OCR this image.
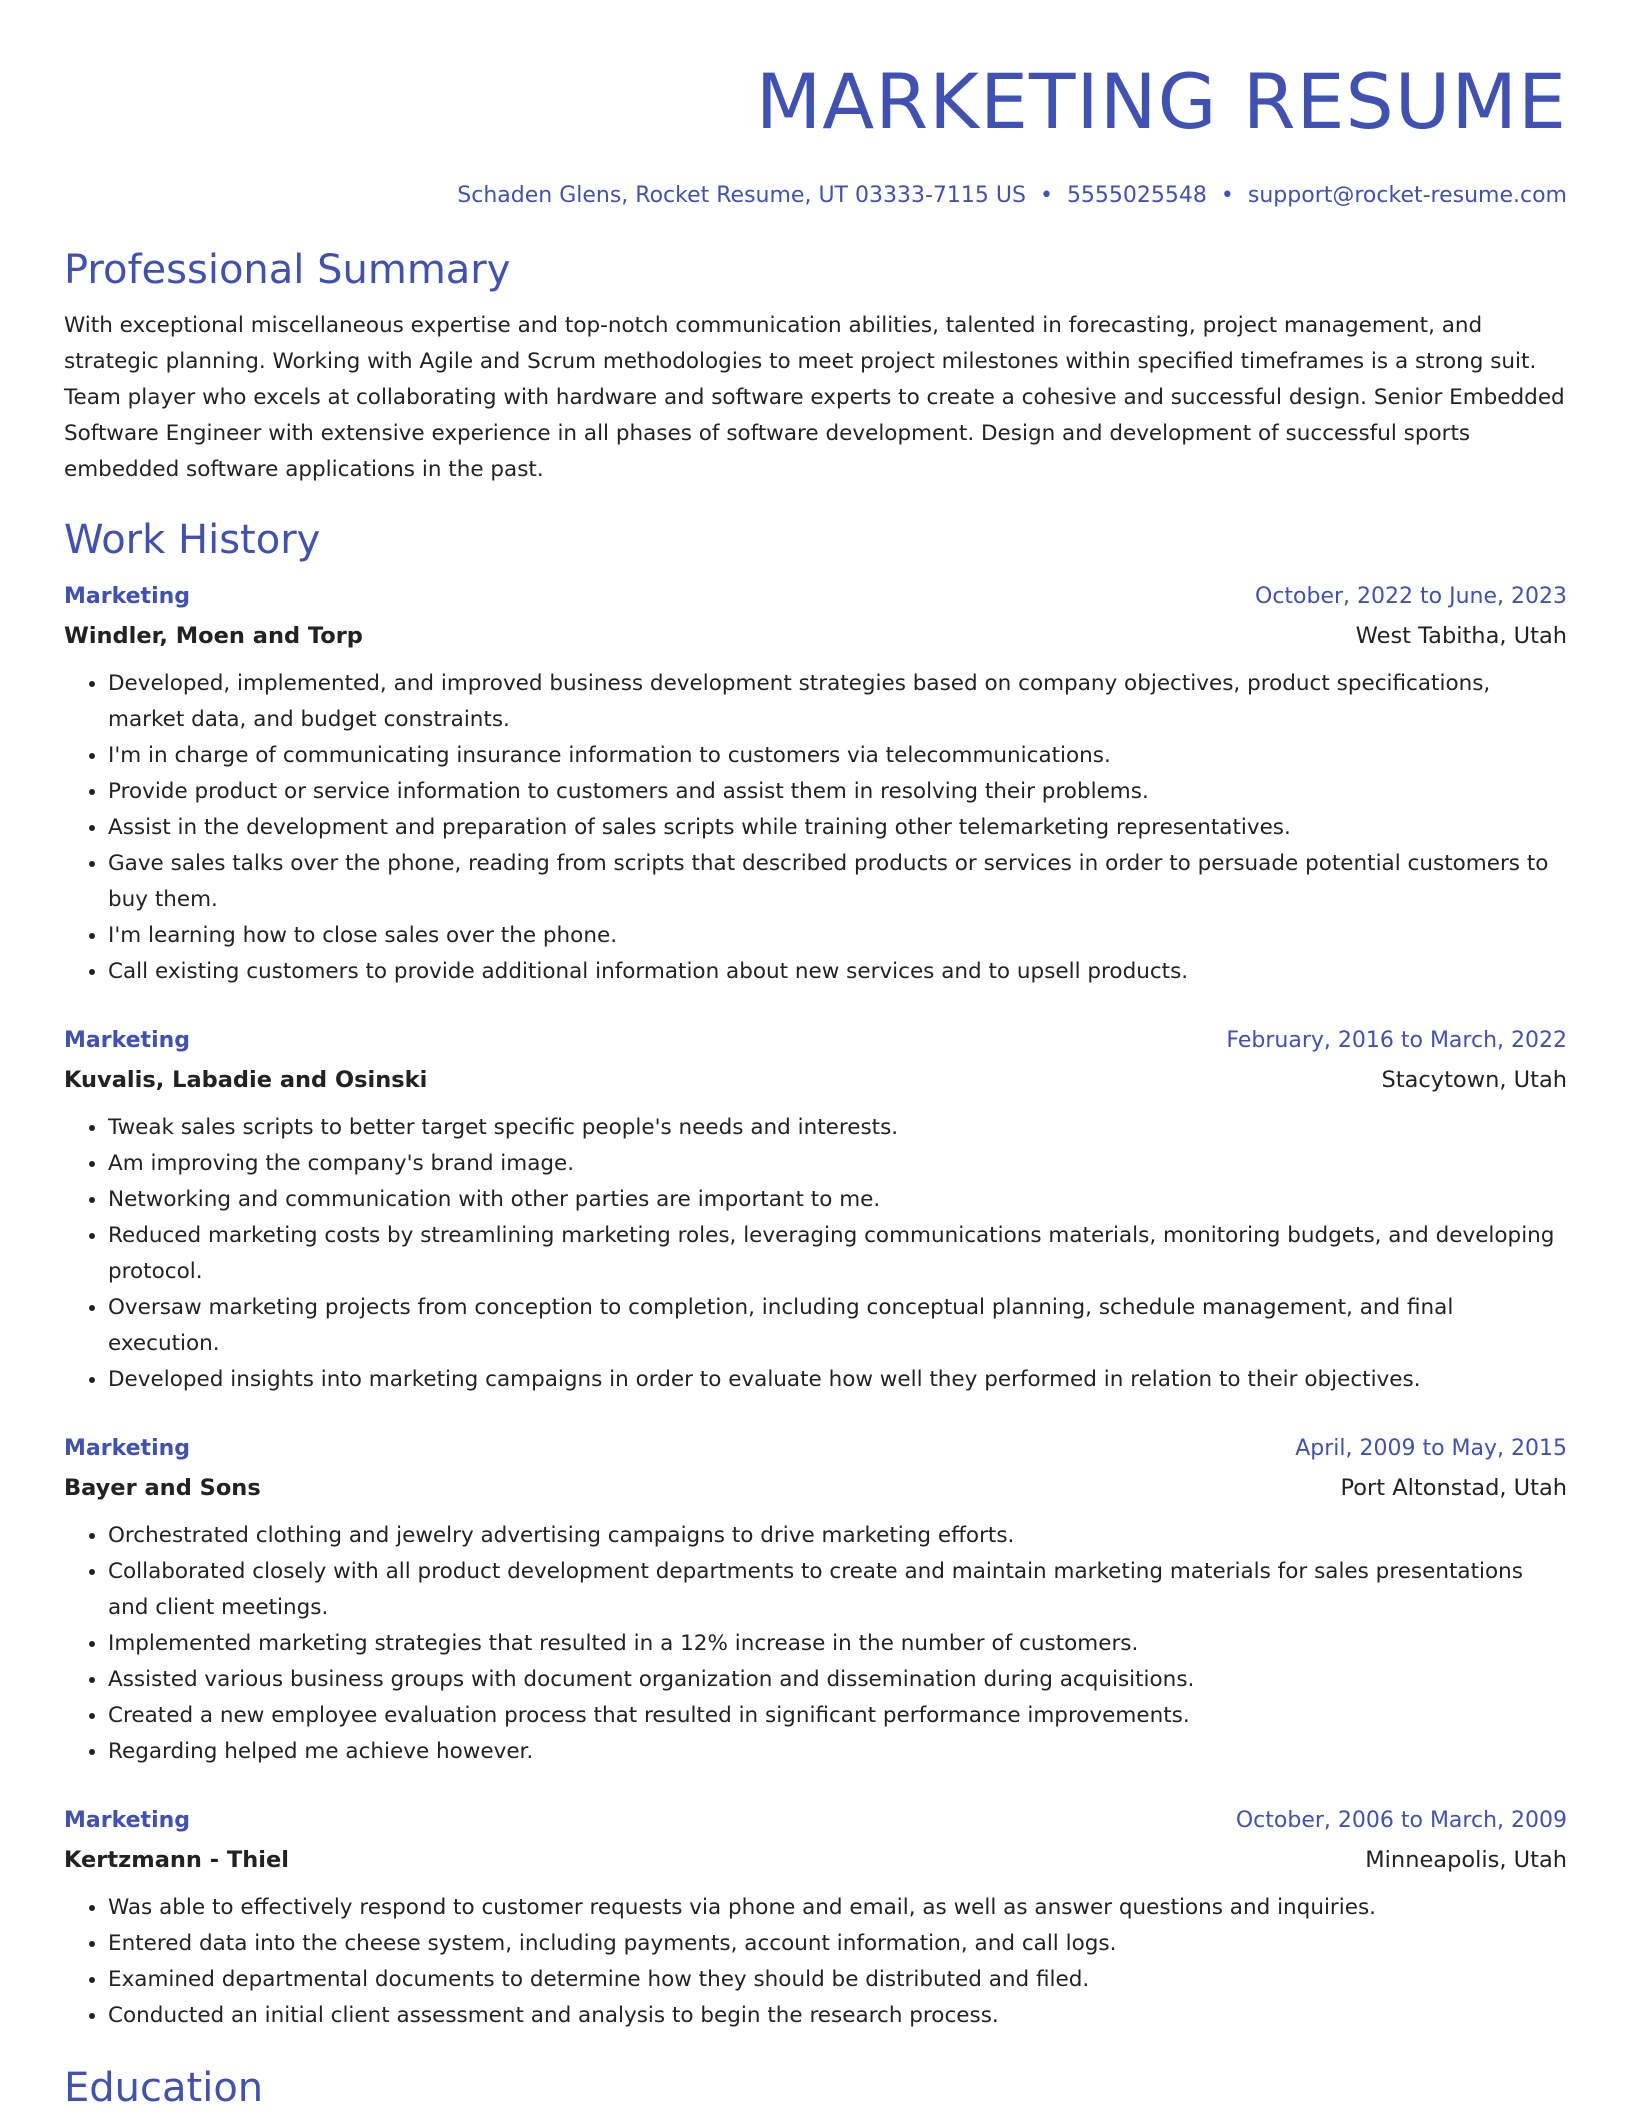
MARKETING RESUME
Schaden Glens, Rocket Resume, UT 03333-7115 US • 5555025548 • support@rocket-resume.com
Professional Summary

With exceptional miscellaneous expertise and top-notch communication abilities, talented in forecasting, project management, and strategic planning. Working with Agile and Scrum methodologies to meet project milestones within specified timeframes is a strong suit. Team player who excels at collaborating with hardware and software experts to create a cohesive and successful design. Senior Embedded Software Engineer with extensive experience in all phases of software development. Design and development of successful sports embedded software applications in the past.

Work History
Marketing	October, 2022 to June, 2023
Windler, Moen and Torp	West Tabitha, Utah
• Developed, implemented, and improved business development strategies based on company objectives, product specifications, market data, and budget constraints.
• I'm in charge of communicating insurance information to customers via telecommunications.
• Provide product or service information to customers and assist them in resolving their problems.
• Assist in the development and preparation of sales scripts while training other telemarketing representatives.
• Gave sales talks over the phone, reading from scripts that described products or services in order to persuade potential customers to buy them.
• I'm learning how to close sales over the phone.
• Call existing customers to provide additional information about new services and to upsell products.
Marketing	February, 2016 to March, 2022
Kuvalis, Labadie and Osinski	Stacytown, Utah
• Tweak sales scripts to better target specific people's needs and interests.
• Am improving the company's brand image.
• Networking and communication with other parties are important to me.
• Reduced marketing costs by streamlining marketing roles, leveraging communications materials, monitoring budgets, and developing protocol.
• Oversaw marketing projects from conception to completion, including conceptual planning, schedule management, and final execution.
• Developed insights into marketing campaigns in order to evaluate how well they performed in relation to their objectives.
Marketing	April, 2009 to May, 2015
Bayer and Sons	Port Altonstad, Utah
• Orchestrated clothing and jewelry advertising campaigns to drive marketing efforts.
• Collaborated closely with all product development departments to create and maintain marketing materials for sales presentations and client meetings.
• Implemented marketing strategies that resulted in a 12% increase in the number of customers.
• Assisted various business groups with document organization and dissemination during acquisitions.
• Created a new employee evaluation process that resulted in significant performance improvements.
• Regarding helped me achieve however.
Marketing	October, 2006 to March, 2009
Kertzmann - Thiel	Minneapolis, Utah
• Was able to effectively respond to customer requests via phone and email, as well as answer questions and inquiries.
• Entered data into the cheese system, including payments, account information, and call logs.
• Examined departmental documents to determine how they should be distributed and filed.
• Conducted an initial client assessment and analysis to begin the research process.
Education
